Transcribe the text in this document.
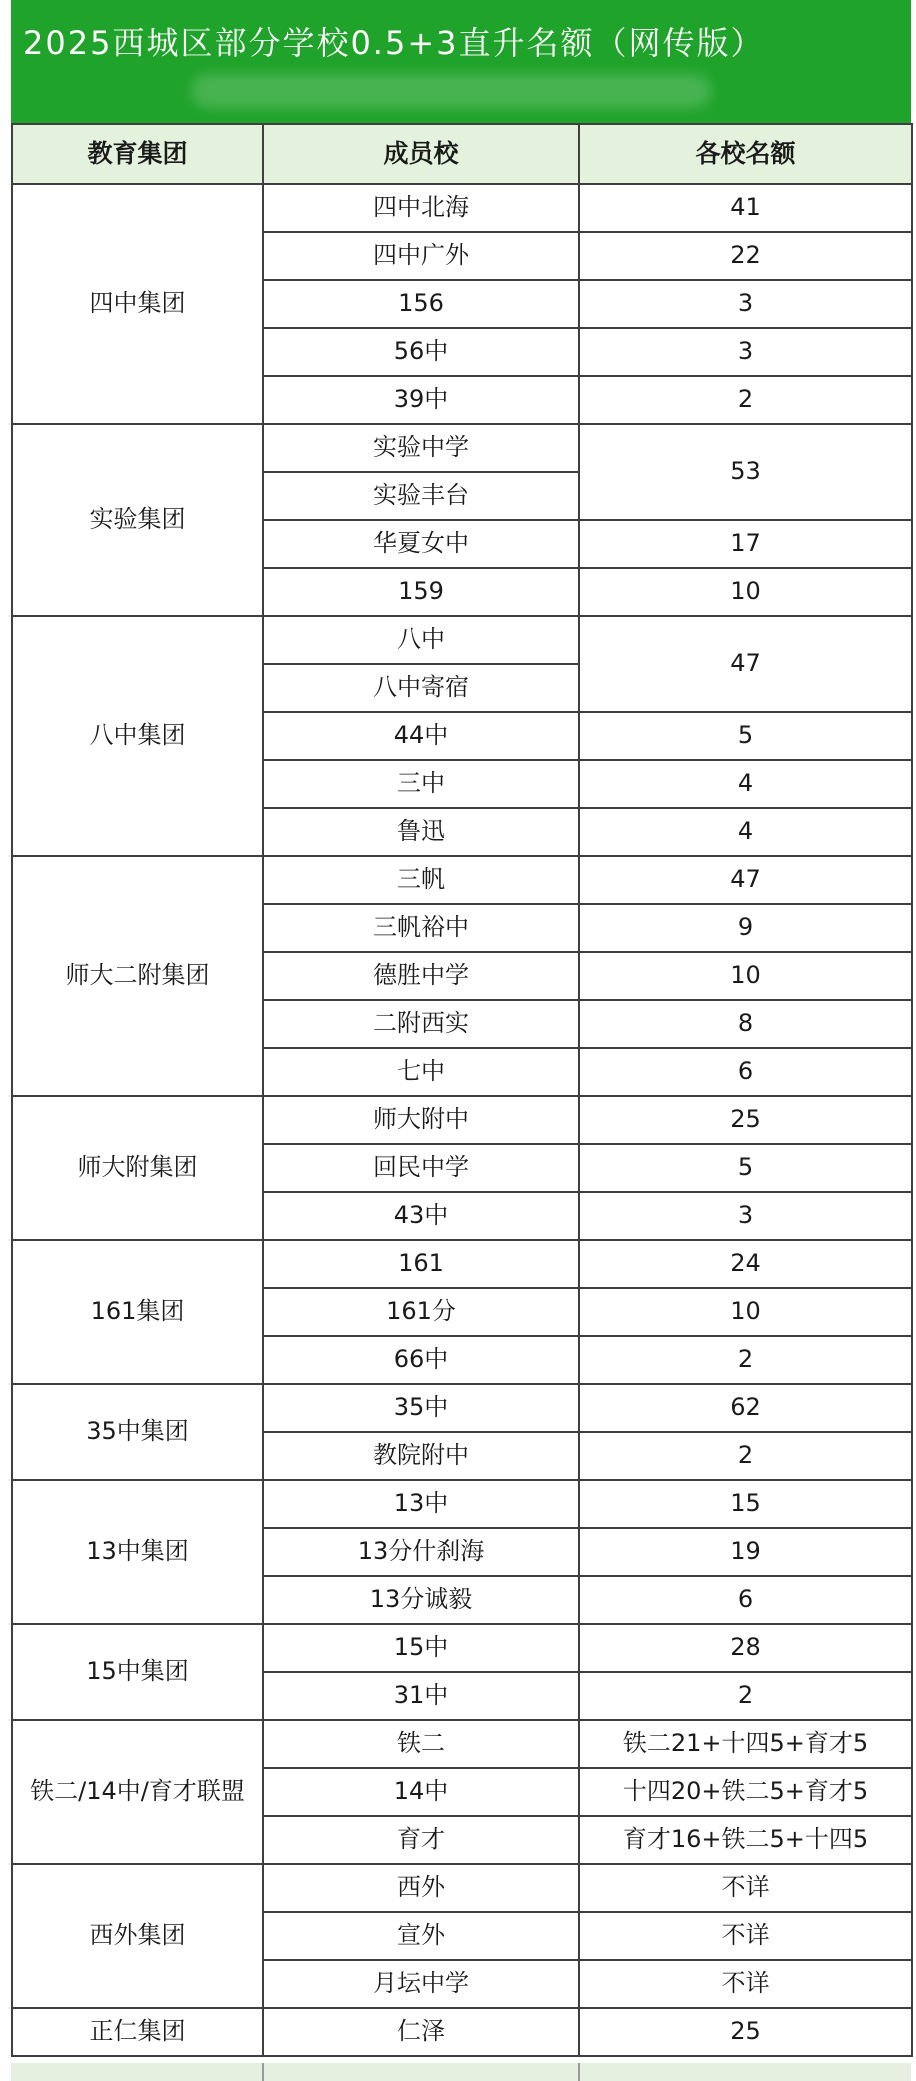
2025西城区部分学校0.5+3直升名额（网传版）
教育集团	成员校	各校名额
四中集团	四中北海	41
	四中广外	22
	156	3
	56中	3
	39中	2
实验集团	实验中学	53
	实验丰台	
	华夏女中	17
	159	10
八中集团	八中	47
	八中寄宿	
	44中	5
	三中	4
	鲁迅	4
师大二附集团	三帆	47
	三帆裕中	9
	德胜中学	10
	二附西实	8
	七中	6
师大附集团	师大附中	25
	回民中学	5
	43中	3
161集团	161	24
	161分	10
	66中	2
35中集团	35中	62
	教院附中	2
13中集团	13中	15
	13分什刹海	19
	13分诚毅	6
15中集团	15中	28
	31中	2
铁二/14中/育才联盟	铁二	铁二21+十四5+育才5
	14中	十四20+铁二5+育才5
	育才	育才16+铁二5+十四5
西外集团	西外	不详
	宣外	不详
	月坛中学	不详
正仁集团	仁泽	25
